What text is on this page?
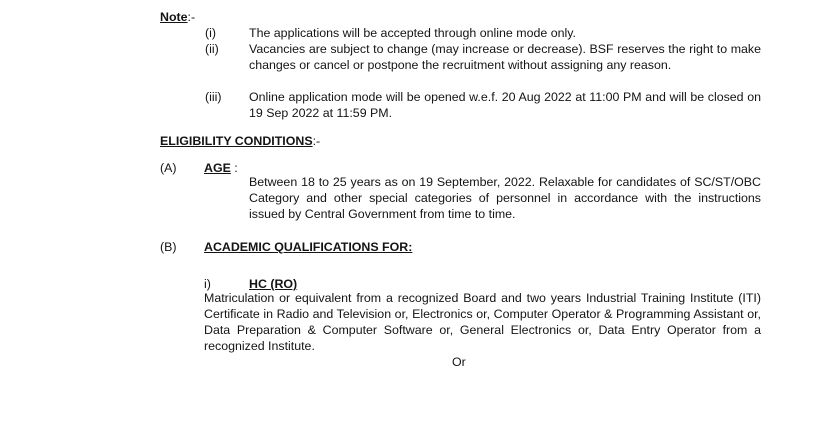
Note:-
(i)	The applications will be accepted through online mode only.
(ii) Vacancies are subject to change (may increase or decrease). BSF reserves the right to make changes or cancel or postpone the recruitment without assigning any reason.
(iii) Online application mode will be opened w.e.f. 20 Aug 2022 at 11:00 PM and will be closed on 19 Sep 2022 at 11:59 PM.
ELIGIBILITY CONDITIONS:-
(A) AGE :
Between 18 to 25 years as on 19 September, 2022. Relaxable for candidates of SC/ST/OBC Category and other special categories of personnel in accordance with the instructions issued by Central Government from time to time.
(B) ACADEMIC QUALIFICATIONS FOR:
i)	HC (RO)
Matriculation or equivalent from a recognized Board and two years Industrial Training Institute (ITI) Certificate in Radio and Television or, Electronics or, Computer Operator & Programming Assistant or, Data Preparation & Computer Software or, General Electronics or, Data Entry Operator from a recognized Institute.
Or
